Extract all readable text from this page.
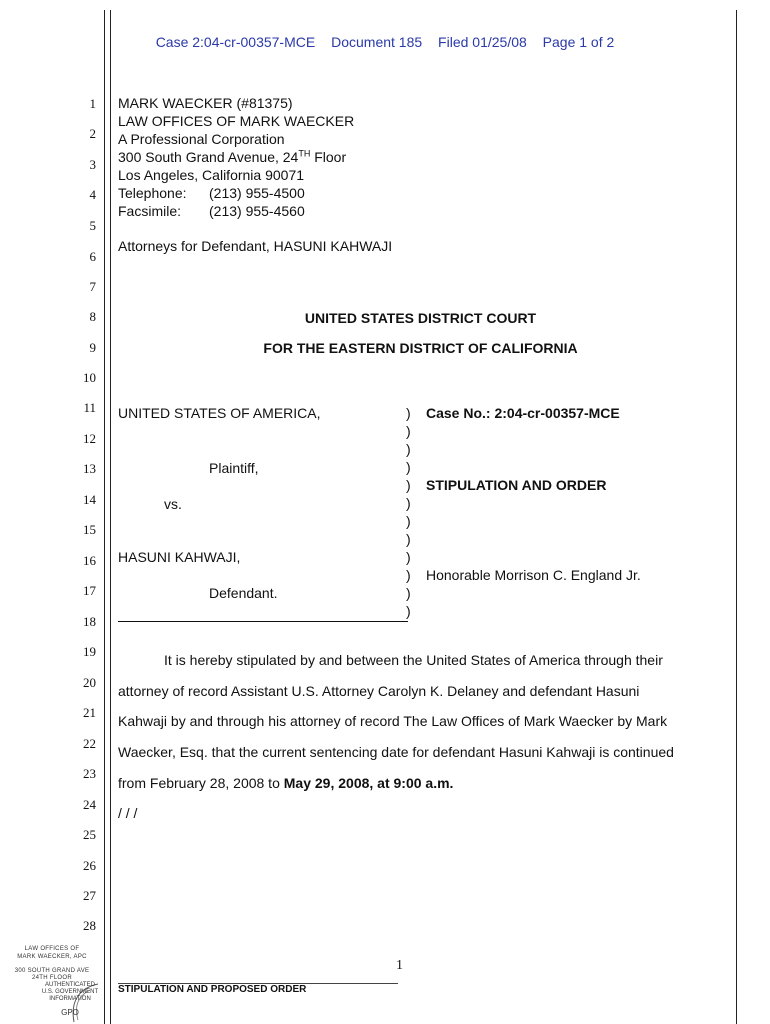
Case 2:04-cr-00357-MCE Document 185 Filed 01/25/08 Page 1 of 2
1
2
3
4
5
6
7
8
9
10
11
12
13
14
15
16
17
18
19
20
21
22
23
24
25
26
27
28
MARK WAECKER (#81375)
LAW OFFICES OF MARK WAECKER
A Professional Corporation
300 South Grand Avenue, 24TH Floor
Los Angeles, California 90071
Telephone: (213) 955-4500
Facsimile: (213) 955-4560
Attorneys for Defendant, HASUNI KAHWAJI
UNITED STATES DISTRICT COURT
FOR THE EASTERN DISTRICT OF CALIFORNIA
UNITED STATES OF AMERICA,
Plaintiff,
vs.
HASUNI KAHWAJI,
Defendant.
)
)
)
)
)
)
)
)
)
)
)
)
Case No.: 2:04-cr-00357-MCE
STIPULATION AND ORDER
Honorable Morrison C. England Jr.
It is hereby stipulated by and between the United States of America through their
attorney of record Assistant U.S. Attorney Carolyn K. Delaney and defendant Hasuni
Kahwaji by and through his attorney of record The Law Offices of Mark Waecker by Mark
Waecker, Esq. that the current sentencing date for defendant Hasuni Kahwaji is continued
from February 28, 2008 to May 29, 2008, at 9:00 a.m.
/ / /
1
STIPULATION AND PROPOSED ORDER
LAW OFFICES OF
MARK WAECKER, APC
300 SOUTH GRAND AVE
24TH FLOOR
AUTHENTICATED
U.S. GOVERNMENT
INFORMATION
GPO
